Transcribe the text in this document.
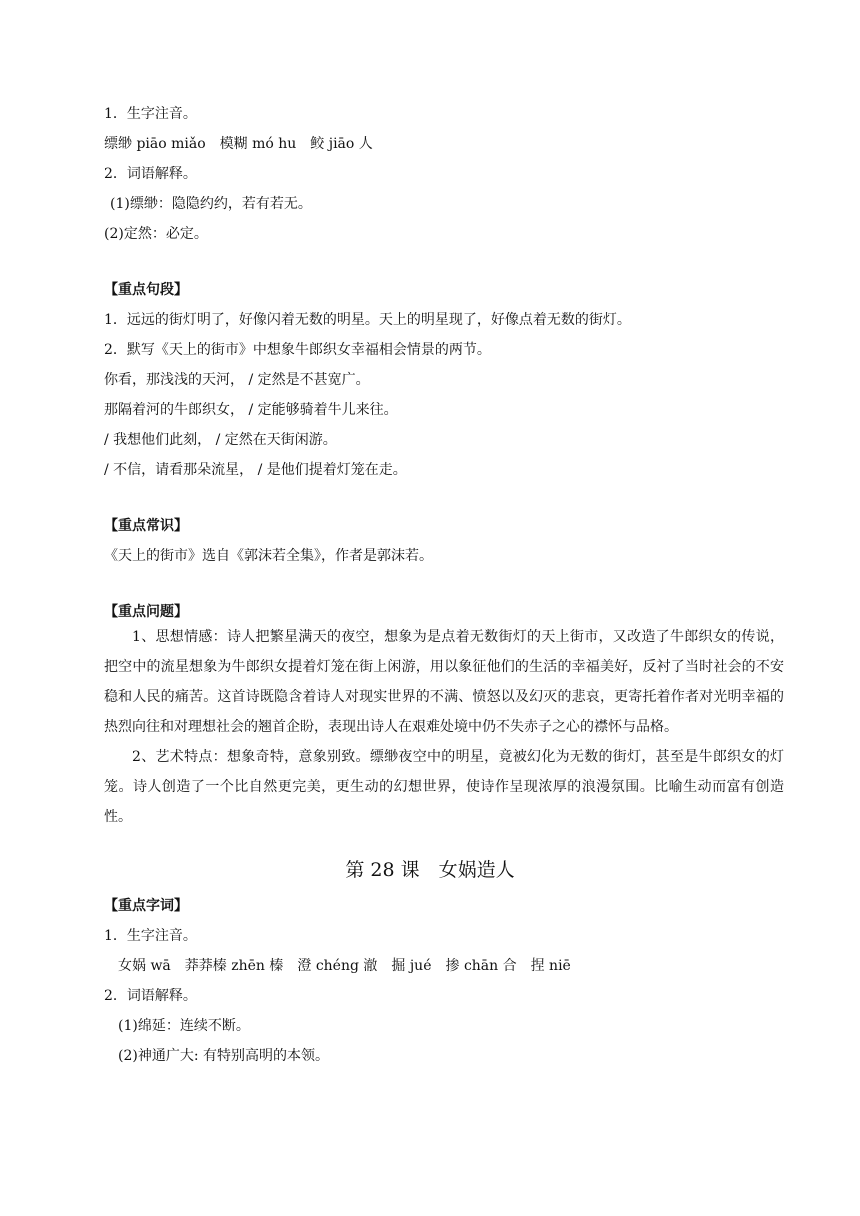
1．生字注音。
缥缈 piāo miǎo　模糊 mó hu　鲛 jiāo 人
2．词语解释。
(1)缥缈：隐隐约约，若有若无。
(2)定然：必定。
【重点句段】
1．远远的街灯明了，好像闪着无数的明星。天上的明星现了，好像点着无数的街灯。
2．默写《天上的街市》中想象牛郎织女幸福相会情景的两节。
你看，那浅浅的天河， / 定然是不甚宽广。
那隔着河的牛郎织女， / 定能够骑着牛儿来往。
/ 我想他们此刻， / 定然在天街闲游。
/ 不信，请看那朵流星， / 是他们提着灯笼在走。
【重点常识】
《天上的街市》选自《郭沫若全集》，作者是郭沫若。
【重点问题】
1、思想情感：诗人把繁星满天的夜空，想象为是点着无数街灯的天上街市，又改造了牛郎织女的传说，把空中的流星想象为牛郎织女提着灯笼在街上闲游，用以象征他们的生活的幸福美好，反衬了当时社会的不安稳和人民的痛苦。这首诗既隐含着诗人对现实世界的不满、愤怒以及幻灭的悲哀，更寄托着作者对光明幸福的热烈向往和对理想社会的翘首企盼，表现出诗人在艰难处境中仍不失赤子之心的襟怀与品格。
2、艺术特点：想象奇特，意象别致。缥缈夜空中的明星，竟被幻化为无数的街灯，甚至是牛郎织女的灯笼。诗人创造了一个比自然更完美，更生动的幻想世界，使诗作呈现浓厚的浪漫氛围。比喻生动而富有创造性。
第 28 课　女娲造人
【重点字词】
1．生字注音。
女娲 wā　莽莽榛 zhēn 榛　澄 chéng 澈　掘 jué　掺 chān 合　捏 niē
2．词语解释。
(1)绵延：连续不断。
(2)神通广大: 有特别高明的本领。
